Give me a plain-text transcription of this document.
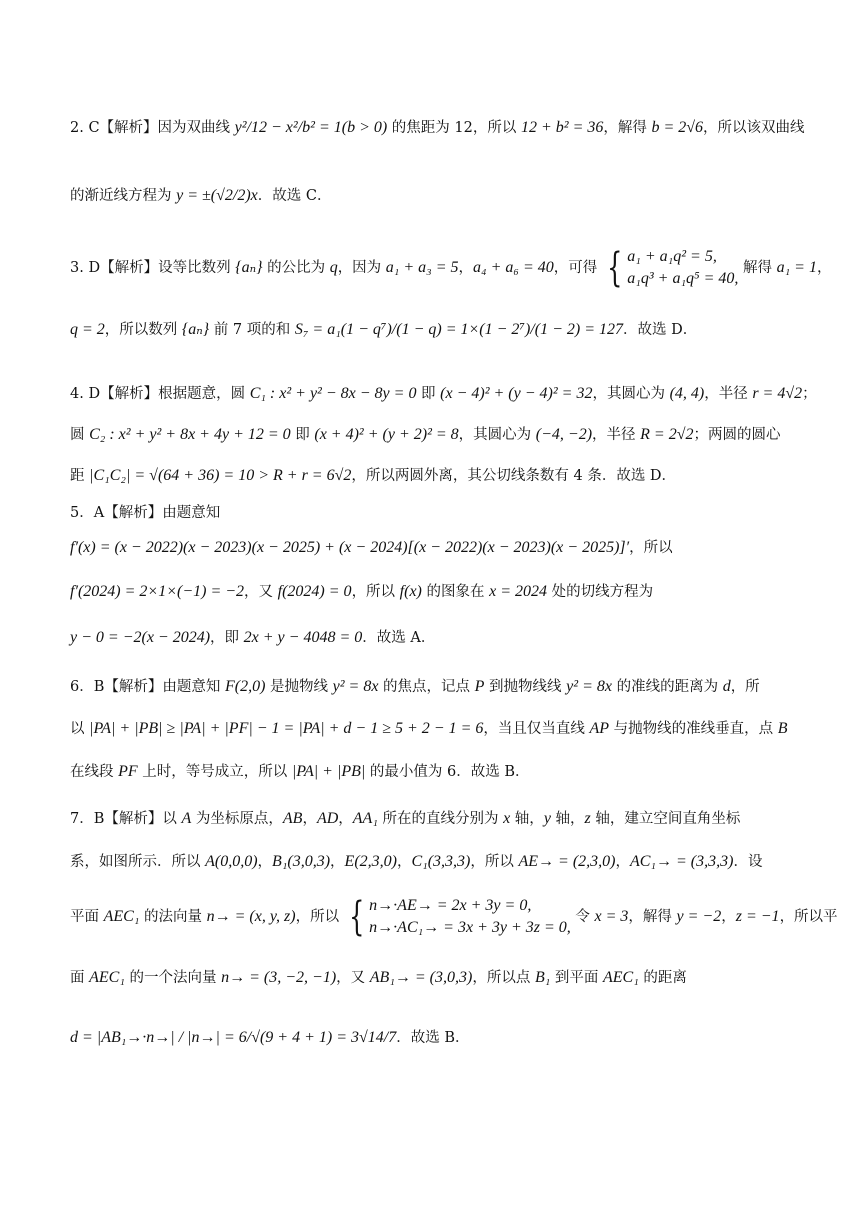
2. C【解析】因为双曲线 y²/12 − x²/b² = 1(b > 0) 的焦距为 12，所以 12 + b² = 36，解得 b = 2√6，所以该双曲线
的渐近线方程为 y = ±(√2/2)x．故选 C．
3. D【解析】设等比数列 {aₙ} 的公比为 q，因为 a₁ + a₃ = 5，a₄ + a₆ = 40，可得 { a₁ + a₁q² = 5,
a₁q³ + a₁q⁵ = 40,
解得 a₁ = 1，
q = 2，所以数列 {aₙ} 前 7 项的和 S₇ = a₁(1 − q⁷)/(1 − q) = 1×(1 − 2⁷)/(1 − 2) = 127．故选 D．
4. D【解析】根据题意，圆 C₁ : x² + y² − 8x − 8y = 0 即 (x − 4)² + (y − 4)² = 32，其圆心为 (4, 4)，半径 r = 4√2；
圆 C₂ : x² + y² + 8x + 4y + 12 = 0 即 (x + 4)² + (y + 2)² = 8，其圆心为 (−4, −2)，半径 R = 2√2；两圆的圆心
距 |C₁C₂| = √(64 + 36) = 10 > R + r = 6√2，所以两圆外离，其公切线条数有 4 条．故选 D．
5．A【解析】由题意知
f′(x) = (x − 2022)(x − 2023)(x − 2025) + (x − 2024)[(x − 2022)(x − 2023)(x − 2025)]′，所以
f′(2024) = 2×1×(−1) = −2，又 f(2024) = 0，所以 f(x) 的图象在 x = 2024 处的切线方程为
y − 0 = −2(x − 2024)，即 2x + y − 4048 = 0．故选 A．
6．B【解析】由题意知 F(2,0) 是抛物线 y² = 8x 的焦点，记点 P 到抛物线线 y² = 8x 的准线的距离为 d，所
以 |PA| + |PB| ≥ |PA| + |PF| − 1 = |PA| + d − 1 ≥ 5 + 2 − 1 = 6，当且仅当直线 AP 与抛物线的准线垂直，点 B
在线段 PF 上时，等号成立，所以 |PA| + |PB| 的最小值为 6．故选 B．
7．B【解析】以 A 为坐标原点，AB，AD，AA₁ 所在的直线分别为 x 轴，y 轴，z 轴，建立空间直角坐标
系，如图所示．所以 A(0,0,0)，B₁(3,0,3)，E(2,3,0)，C₁(3,3,3)，所以 AE→ = (2,3,0)，AC₁→ = (3,3,3)．设
平面 AEC₁ 的法向量 n→ = (x, y, z)，所以 { n→·AE→ = 2x + 3y = 0,
n→·AC₁→ = 3x + 3y + 3z = 0,
令 x = 3，解得 y = −2，z = −1，所以平
面 AEC₁ 的一个法向量 n→ = (3, −2, −1)，又 AB₁→ = (3,0,3)，所以点 B₁ 到平面 AEC₁ 的距离
d = |AB₁→·n→| / |n→| = 6/√(9 + 4 + 1) = 3√14/7．故选 B．
